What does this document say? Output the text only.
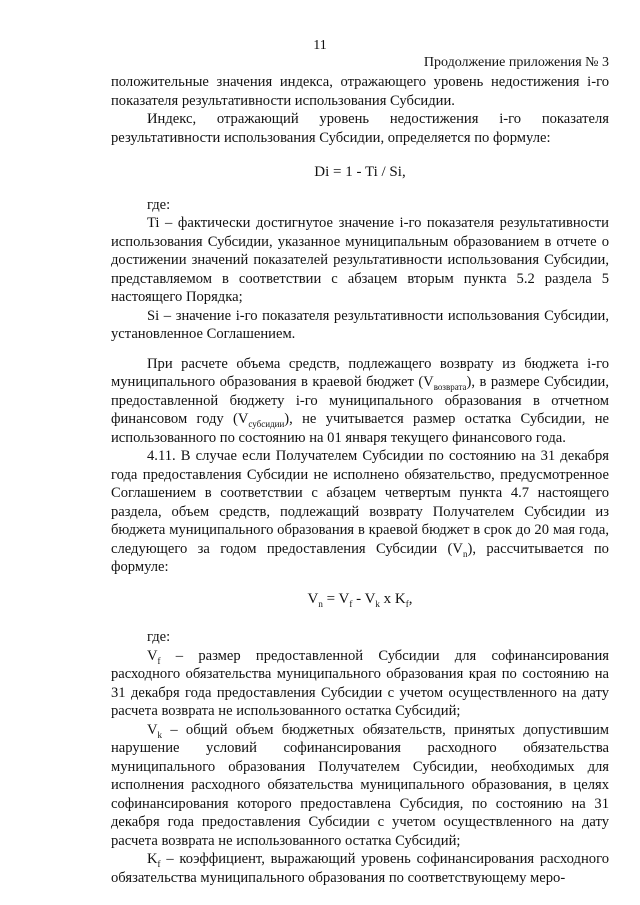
11
Продолжение приложения № 3

положительные значения индекса, отражающего уровень недостижения i-го показателя результативности использования Субсидии.

Индекс, отражающий уровень недостижения i-го показателя результативности использования Субсидии, определяется по формуле:

Di = 1 - Ti / Si,

где:

Ti – фактически достигнутое значение i-го показателя результативности использования Субсидии, указанное муниципальным образованием в отчете о достижении значений показателей результативности использования Субсидии, представляемом в соответствии с абзацем вторым пункта 5.2 раздела 5 настоящего Порядка;

Si – значение i-го показателя результативности использования Субсидии, установленное Соглашением.

При расчете объема средств, подлежащего возврату из бюджета i-го муниципального образования в краевой бюджет $(V_{возврата})$, в размере Субсидии, предоставленной бюджету i-го муниципального образования в отчетном финансовом году $(V_{субсидии})$, не учитывается размер остатка Субсидии, не использованного по состоянию на 01 января текущего финансового года.

4.11. В случае если Получателем Субсидии по состоянию на 31 декабря года предоставления Субсидии не исполнено обязательство, предусмотренное Соглашением в соответствии с абзацем четвертым пункта 4.7 настоящего раздела, объем средств, подлежащий возврату Получателем Субсидии из бюджета муниципального образования в краевой бюджет в срок до 20 мая года, следующего за годом предоставления Субсидии $(V_n)$, рассчитывается по формуле:

$V_n = V_f - V_k$ x $K_f$,

где:

$V_f$ – размер предоставленной Субсидии для софинансирования расходного обязательства муниципального образования края по состоянию на 31 декабря года предоставления Субсидии с учетом осуществленного на дату расчета возврата не использованного остатка Субсидий;

$V_k$ – общий объем бюджетных обязательств, принятых допустившим нарушение условий софинансирования расходного обязательства муниципального образования Получателем Субсидии, необходимых для исполнения расходного обязательства муниципального образования, в целях софинансирования которого предоставлена Субсидия, по состоянию на 31 декабря года предоставления Субсидии с учетом осуществленного на дату расчета возврата не использованного остатка Субсидий;

$K_f$ – коэффициент, выражающий уровень софинансирования расходного обязательства муниципального образования по соответствующему меро-
